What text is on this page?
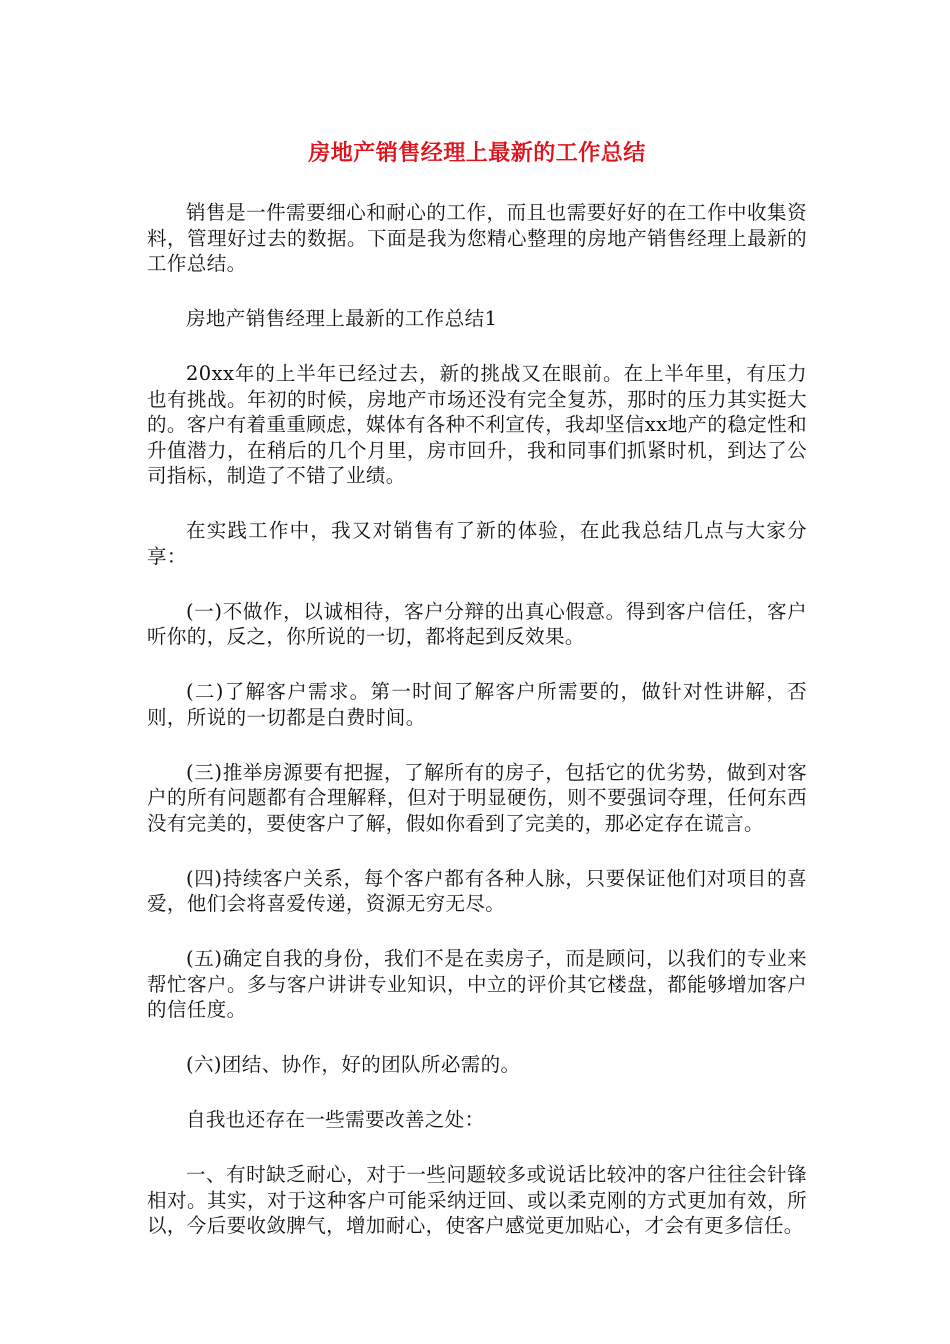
房地产销售经理上最新的工作总结

销售是一件需要细心和耐心的工作，而且也需要好好的在工作中收集资料，管理好过去的数据。下面是我为您精心整理的房地产销售经理上最新的工作总结。

房地产销售经理上最新的工作总结1

20xx年的上半年已经过去，新的挑战又在眼前。在上半年里，有压力也有挑战。年初的时候，房地产市场还没有完全复苏，那时的压力其实挺大的。客户有着重重顾虑，媒体有各种不利宣传，我却坚信xx地产的稳定性和升值潜力，在稍后的几个月里，房市回升，我和同事们抓紧时机，到达了公司指标，制造了不错了业绩。

在实践工作中，我又对销售有了新的体验，在此我总结几点与大家分享：

(一)不做作，以诚相待，客户分辩的出真心假意。得到客户信任，客户听你的，反之，你所说的一切，都将起到反效果。

(二)了解客户需求。第一时间了解客户所需要的，做针对性讲解，否则，所说的一切都是白费时间。

(三)推举房源要有把握，了解所有的房子，包括它的优劣势，做到对客户的所有问题都有合理解释，但对于明显硬伤，则不要强词夺理，任何东西没有完美的，要使客户了解，假如你看到了完美的，那必定存在谎言。

(四)持续客户关系，每个客户都有各种人脉，只要保证他们对项目的喜爱，他们会将喜爱传递，资源无穷无尽。

(五)确定自我的身份，我们不是在卖房子，而是顾问，以我们的专业来帮忙客户。多与客户讲讲专业知识，中立的评价其它楼盘，都能够增加客户的信任度。

(六)团结、协作，好的团队所必需的。

自我也还存在一些需要改善之处：

一、有时缺乏耐心，对于一些问题较多或说话比较冲的客户往往会针锋相对。其实，对于这种客户可能采纳迂回、或以柔克刚的方式更加有效，所以，今后要收敛脾气，增加耐心，使客户感觉更加贴心，才会有更多信任。
